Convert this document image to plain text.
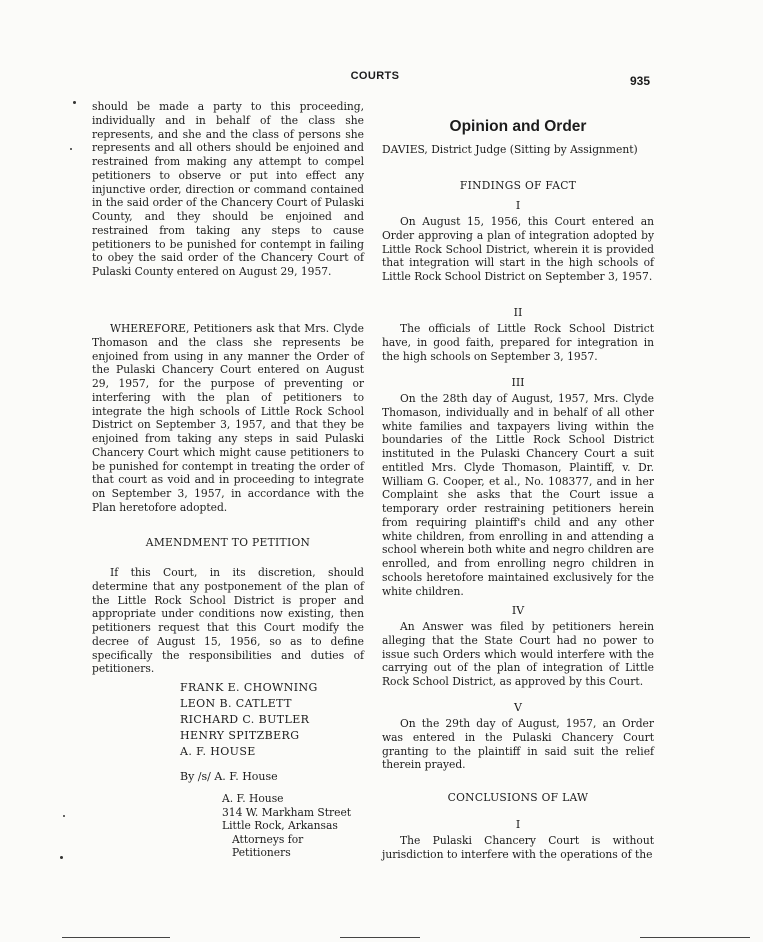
COURTS	935

should be made a party to this proceeding, individually and in behalf of the class she represents, and she and the class of persons she represents and all others should be enjoined and restrained from making any attempt to compel petitioners to observe or put into effect any injunctive order, direction or command contained in the said order of the Chancery Court of Pulaski County, and they should be enjoined and restrained from taking any steps to cause petitioners to be punished for contempt in failing to obey the said order of the Chancery Court of Pulaski County entered on August 29, 1957.

WHEREFORE, Petitioners ask that Mrs. Clyde Thomason and the class she represents be enjoined from using in any manner the Order of the Pulaski Chancery Court entered on August 29, 1957, for the purpose of preventing or interfering with the plan of petitioners to integrate the high schools of Little Rock School District on September 3, 1957, and that they be enjoined from taking any steps in said Pulaski Chancery Court which might cause petitioners to be punished for contempt in treating the order of that court as void and in proceeding to integrate on September 3, 1957, in accordance with the Plan heretofore adopted.

AMENDMENT TO PETITION

If this Court, in its discretion, should determine that any postponement of the plan of the Little Rock School District is proper and appropriate under conditions now existing, then petitioners request that this Court modify the decree of August 15, 1956, so as to define specifically the responsibilities and duties of petitioners.

FRANK E. CHOWNING
LEON B. CATLETT
RICHARD C. BUTLER
HENRY SPITZBERG
A. F. HOUSE
By /s/ A. F. House
A. F. House
314 W. Markham Street
Little Rock, Arkansas
Attorneys for
Petitioners
Opinion and Order

DAVIES, District Judge (Sitting by Assignment)

FINDINGS OF FACT
I

On August 15, 1956, this Court entered an Order approving a plan of integration adopted by Little Rock School District, wherein it is provided that integration will start in the high schools of Little Rock School District on September 3, 1957.

II

The officials of Little Rock School District have, in good faith, prepared for integration in the high schools on September 3, 1957.

III

On the 28th day of August, 1957, Mrs. Clyde Thomason, individually and in behalf of all other white families and taxpayers living within the boundaries of the Little Rock School District instituted in the Pulaski Chancery Court a suit entitled Mrs. Clyde Thomason, Plaintiff, v. Dr. William G. Cooper, et al., No. 108377, and in her Complaint she asks that the Court issue a temporary order restraining petitioners herein from requiring plaintiff's child and any other white children, from enrolling in and attending a school wherein both white and negro children are enrolled, and from enrolling negro children in schools heretofore maintained exclusively for the white children.

IV

An Answer was filed by petitioners herein alleging that the State Court had no power to issue such Orders which would interfere with the carrying out of the plan of integration of Little Rock School District, as approved by this Court.

V

On the 29th day of August, 1957, an Order was entered in the Pulaski Chancery Court granting to the plaintiff in said suit the relief therein prayed.

CONCLUSIONS OF LAW
I

The Pulaski Chancery Court is without jurisdiction to interfere with the operations of the
